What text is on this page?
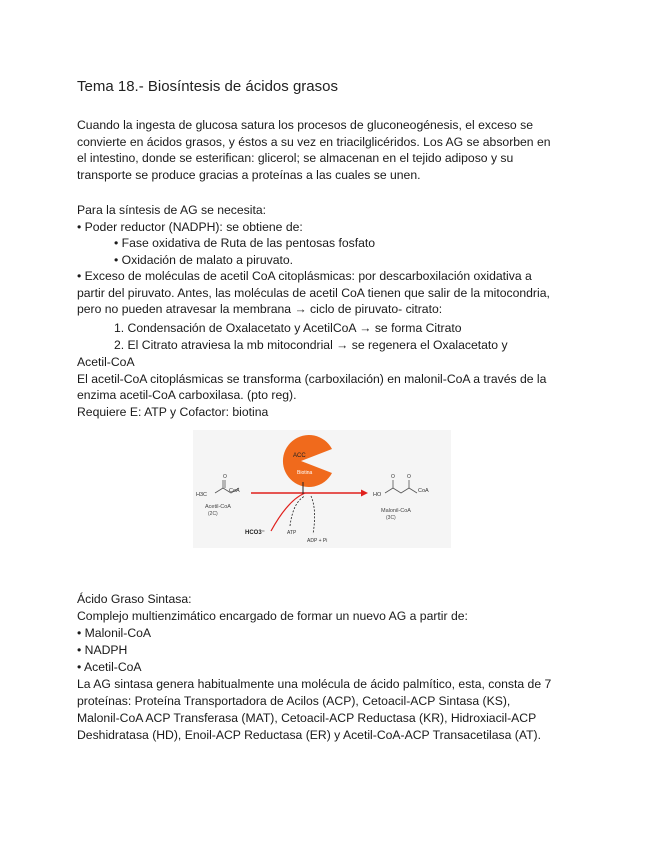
Tema 18.- Biosíntesis de ácidos grasos
Cuando la ingesta de glucosa satura los procesos de gluconeogénesis, el exceso se
convierte en ácidos grasos, y éstos a su vez en triacilglicéridos. Los AG se absorben en
el intestino, donde se esterifican: glicerol; se almacenan en el tejido adiposo y su
transporte se produce gracias a proteínas a las cuales se unen.
Para la síntesis de AG se necesita:
• Poder reductor (NADPH): se obtiene de:
• Fase oxidativa de Ruta de las pentosas fosfato
• Oxidación de malato a piruvato.
• Exceso de moléculas de acetil CoA citoplásmicas: por descarboxilación oxidativa a
partir del piruvato. Antes, las moléculas de acetil CoA tienen que salir de la mitocondria,
pero no pueden atravesar la membrana → ciclo de piruvato- citrato:
1. Condensación de Oxalacetato y AcetilCoA → se forma Citrato
2. El Citrato atraviesa la mb mitocondrial → se regenera el Oxalacetato y
Acetil-CoA
El acetil-CoA citoplásmicas se transforma (carboxilación) en malonil-CoA a través de la
enzima acetil-CoA carboxilasa. (pto reg).
Requiere E: ATP y Cofactor: biotina
H3C
O
CoA
Acetil-CoA
(2C)
ACC
Biotina
HCO3⁻	ATP
ADP + Pi
HO
O O
CoA
Malonil-CoA
(3C)
Ácido Graso Sintasa:
Complejo multienzimático encargado de formar un nuevo AG a partir de:
• Malonil-CoA
• NADPH
• Acetil-CoA
La AG sintasa genera habitualmente una molécula de ácido palmítico, esta, consta de 7
proteínas: Proteína Transportadora de Acilos (ACP), Cetoacil-ACP Sintasa (KS),
Malonil-CoA ACP Transferasa (MAT), Cetoacil-ACP Reductasa (KR), Hidroxiacil-ACP
Deshidratasa (HD), Enoil-ACP Reductasa (ER) y Acetil-CoA-ACP Transacetilasa (AT).
